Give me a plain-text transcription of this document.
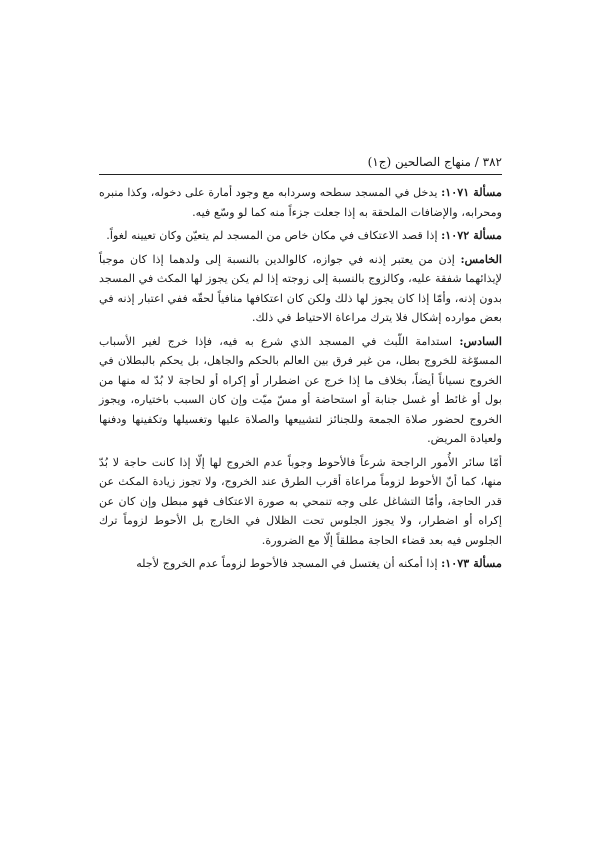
٣٨٢ / منهاج الصالحين (ج١)

مسألة ١٠٧١: يدخل في المسجد سطحه وسردابه مع وجود أمارة على دخوله، وكذا منبره ومحرابه، والإضافات الملحقة به إذا جعلت جزءاً منه كما لو وسّع فيه.

مسألة ١٠٧٢: إذا قصد الاعتكاف في مكان خاص من المسجد لم يتعيّن وكان تعيينه لغواً.

الخامس: إذن من يعتبر إذنه في جوازه، كالوالدين بالنسبة إلى ولدهما إذا كان موجباً لإيذائهما شفقة عليه، وكالزوج بالنسبة إلى زوجته إذا لم يكن يجوز لها المكث في المسجد بدون إذنه، وأمّا إذا كان يجوز لها ذلك ولكن كان اعتكافها منافياً لحقّه ففي اعتبار إذنه في بعض موارده إشكال فلا يترك مراعاة الاحتياط في ذلك.

السادس: استدامة اللّبث في المسجد الذي شرع به فيه، فإذا خرج لغير الأسباب المسوّغة للخروج بطل، من غير فرق بين العالم بالحكم والجاهل، بل يحكم بالبطلان في الخروج نسياناً أيضاً، بخلاف ما إذا خرج عن اضطرار أو إكراه أو لحاجة لا بُدّ له منها من بول أو غائط أو غسل جنابة أو استحاضة أو مسّ ميّت وإن كان السبب باختياره، ويجوز الخروج لحضور صلاة الجمعة وللجنائز لتشييعها والصلاة عليها وتغسيلها وتكفينها ودفنها ولعيادة المريض.

أمّا سائر الأُمور الراجحة شرعاً فالأحوط وجوباً عدم الخروج لها إلّا إذا كانت حاجة لا بُدّ منها، كما أنّ الأحوط لزوماً مراعاة أقرب الطرق عند الخروج، ولا تجوز زيادة المكث عن قدر الحاجة، وأمّا التشاغل على وجه تنمحي به صورة الاعتكاف فهو مبطل وإن كان عن إكراه أو اضطرار، ولا يجوز الجلوس تحت الظلال في الخارج بل الأحوط لزوماً ترك الجلوس فيه بعد قضاء الحاجة مطلقاً إلّا مع الضرورة.

مسألة ١٠٧٣: إذا أمكنه أن يغتسل في المسجد فالأحوط لزوماً عدم الخروج لأجله
